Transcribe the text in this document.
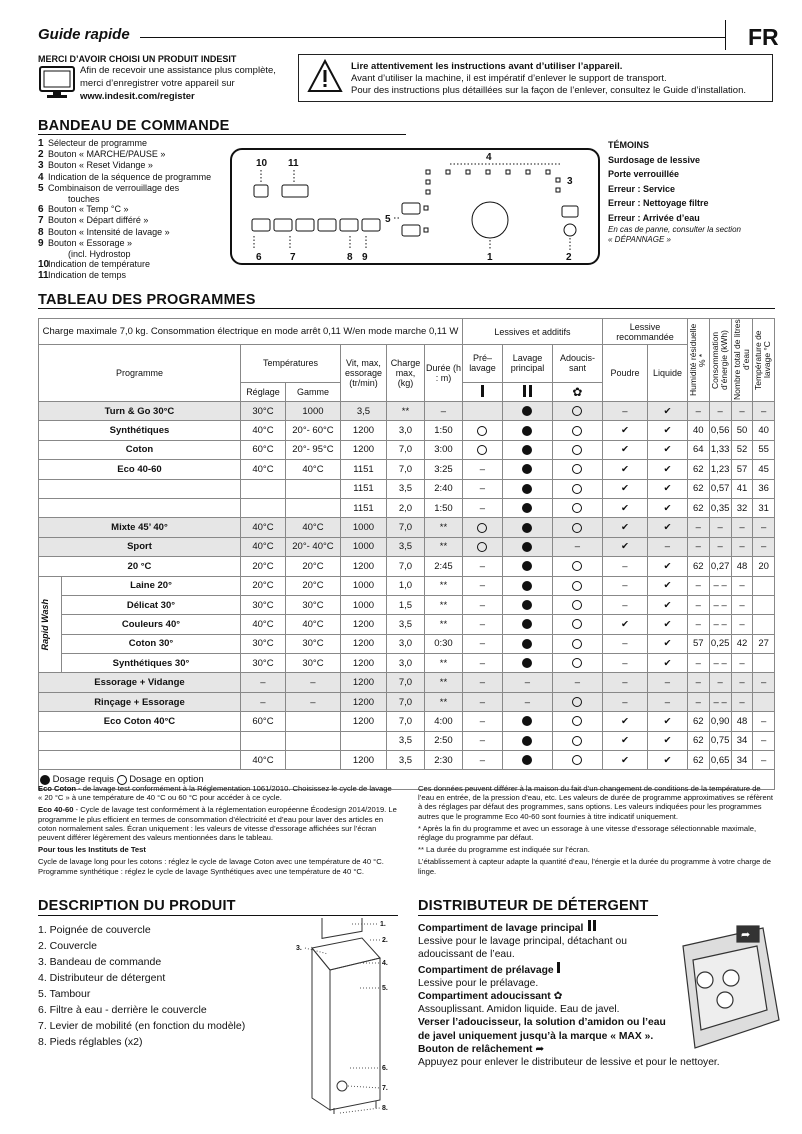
Guide rapide	FR
MERCI D’AVOIR CHOISI UN PRODUIT INDESIT
Afin de recevoir une assistance plus complète,
merci d’enregistrer votre appareil sur
www.indesit.com/register
Lire attentivement les instructions avant d’utiliser l’appareil.
Avant d’utiliser la machine, il est impératif d’enlever le support de transport.
Pour des instructions plus détaillées sur la façon de l’enlever, consultez le Guide d’installation.
BANDEAU DE COMMANDE
1 Sélecteur de programme
2 Bouton « MARCHE/PAUSE »
3 Bouton « Reset Vidange »
4 Indication de la séquence de programme
5 Combinaison de verrouillage des
touches
6 Bouton « Temp °C »
7 Bouton « Départ différé »
8 Bouton « Intensité de lavage »
9 Bouton « Essorage »
(incl. Hydrostop
10Indication de température
11Indication de temps
10 11
4
3
5
6	7	8 9	1	2
TÉMOINS
Surdosage de lessive
Porte verrouillée
Erreur : Service
Erreur : Nettoyage filtre
Erreur : Arrivée d’eau
En cas de panne, consulter la section
« DÉPANNAGE »
TABLEAU DES PROGRAMMES
Charge maximale 7,0 kg. Consommation électrique en mode arrêt 0,11 W/en mode marche 0,11 W							Lessives et additifs			Lessive recommandée		Humidité résiduelle % *	Consommation d’énergie (kWh)	Nombre total de litres d’eau	Température de lavage °C

Programme		Températures		Vit, max, essorage (tr/min)	Charge max, (kg)	Durée (h : m)	Pré–lavage	Lavage principal	Adoucis-sant	Poudre	Liquide				
		Réglage	Gamme						✿						
Turn & Go 30°C		30°C	1000	3,5	**	–				–	✔	–	–	–	–
Synthétiques		40°C	20°- 60°C	1200	3,0	1:50				✔	✔	40	0,56	50	40
Coton		60°C	20°- 95°C	1200	7,0	3:00				✔	✔	64	1,33	52	55
Eco 40-60		40°C	40°C	1151	7,0	3:25	–			✔	✔	62	1,23	57	45
				1151	3,5	2:40	–			✔	✔	62	0,57	41	36
				1151	2,0	1:50	–			✔	✔	62	0,35	32	31
Mixte 45’ 40°		40°C	40°C	1000	7,0	**				✔	✔	–	–	–	–
Sport		40°C	20°- 40°C	1000	3,5	**			–	✔	–	–	–	–	–
20 °C		20°C	20°C	1200	7,0	2:45	–			–	✔	62	0,27	48	20

Rapid Wash	Laine 20°	20°C	20°C	1000	1,0	**	–			–	✔	–	– –	–	
	Délicat 30°	30°C	30°C	1000	1,5	**	–			–	✔	–	– –	–	
	Couleurs 40°	40°C	40°C	1200	3,5	**	–			✔	✔	–	– –	–	
	Coton 30°	30°C	30°C	1200	3,0	0:30	–			–	✔	57	0,25	42	27
	Synthétiques 30°	30°C	30°C	1200	3,0	**	–			–	✔	–	– –	–	
Essorage + Vidange		–	–	1200	7,0	**	–	–	–	–	–	–	–	–	–
Rinçage + Essorage		–	–	1200	7,0	**	–	–		–	–	–	– –	–	
Eco Coton 40°C		60°C		1200	7,0	4:00	–			✔	✔	62	0,90	48	–
					3,5	2:50	–			✔	✔	62	0,75	34	–
		40°C		1200	3,5	2:30	–			✔	✔	62	0,65	34	–
Dosage requis Dosage en option															
Eco Coton - de lavage test conformément à la Réglementation 1061/2010. Choisissez le cycle de lavage « 20 °C » à une température de 40 °C ou 60 °C pour accéder à ce cycle.
Eco 40-60 - Cycle de lavage test conformément à la réglementation européenne Écodesign 2014/2019. Le programme le plus efficient en termes de consommation d’électricité et d’eau pour laver des articles en coton normalement sales. Écran uniquement : les valeurs de vitesse d’essorage affichées sur l’écran peuvent différer légèrement des valeurs mentionnées dans le tableau.
Pour tous les Instituts de Test
Cycle de lavage long pour les cotons : réglez le cycle de lavage Coton avec une température de 40 °C. Programme synthétique : réglez le cycle de lavage Synthétiques avec une température de 40 °C.
Ces données peuvent différer à la maison du fait d’un changement de conditions de la température de l’eau en entrée, de la pression d’eau, etc. Les valeurs de durée de programme approximatives se réfèrent à des réglages par défaut des programmes, sans options. Les valeurs indiquées pour les programmes autres que le programme Eco 40-60 sont fournies à titre indicatif uniquement.
* Après la fin du programme et avec un essorage à une vitesse d’essorage sélectionnable maximale, réglage du programme par défaut.
** La durée du programme est indiquée sur l’écran.
L’établissement à capteur adapte la quantité d’eau, l’énergie et la durée du programme à votre charge de linge.
DESCRIPTION DU PRODUIT
1. Poignée de couvercle
2. Couvercle
3. Bandeau de commande
4. Distributeur de détergent
5. Tambour
6. Filtre à eau - derrière le couvercle
7. Levier de mobilité (en fonction du modèle)
8. Pieds réglables (x2)
1.
2.
3.
4.
5.
6.
7.
8.
DISTRIBUTEUR DE DÉTERGENT
Compartiment de lavage principal
Lessive pour le lavage principal, détachant ou adoucissant de l’eau.
Compartiment de prélavage
Lessive pour le prélavage.
Compartiment adoucissant ✿
Assouplissant. Amidon liquide. Eau de javel.
Verser l’adoucisseur, la solution d’amidon ou l’eau de javel uniquement jusqu’à la marque « MAX ».
Bouton de relâchement ➦
Appuyez pour enlever le distributeur de lessive et pour le nettoyer.
➦
